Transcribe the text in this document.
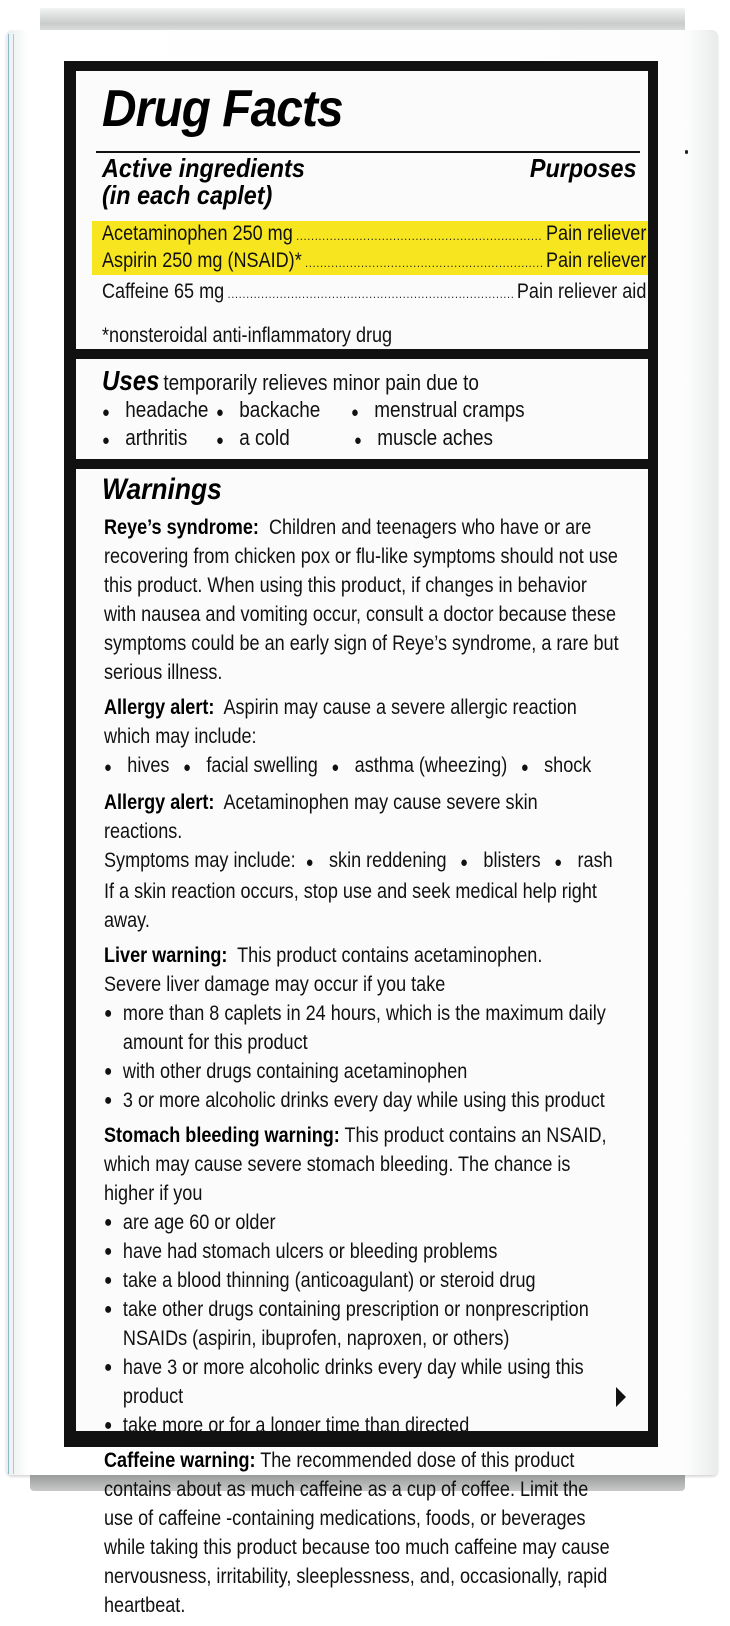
Drug Facts
Active ingredients
(in each caplet)
Purposes
Acetaminophen 250 mg .....	Pain reliever
Aspirin 250 mg (NSAID)* .....	Pain reliever
Caffeine 65 mg .....	Pain reliever aid
*nonsteroidal anti-inflammatory drug
Uses temporarily relieves minor pain due to
● headache ●	backache ●	menstrual cramps
● arthritis ●	a cold ●	muscle aches
Warnings

Reye’s syndrome: Children and teenagers who have or are recovering from chicken pox or flu-like symptoms should not use this product. When using this product, if changes in behavior with nausea and vomiting occur, consult a doctor because these symptoms could be an early sign of Reye’s syndrome, a rare but serious illness.

Allergy alert: Aspirin may cause a severe allergic reaction which may include:

● hives ● facial swelling ● asthma (wheezing) ● shock

Allergy alert: Acetaminophen may cause severe skin reactions.
Symptoms may include: ● skin reddening ● blisters ● rash
If a skin reaction occurs, stop use and seek medical help right away.

Liver warning: This product contains acetaminophen.
Severe liver damage may occur if you take

● more than 8 caplets in 24 hours, which is the maximum daily amount for this product
● with other drugs containing acetaminophen
● 3 or more alcoholic drinks every day while using this product

Stomach bleeding warning: This product contains an NSAID, which may cause severe stomach bleeding. The chance is higher if you

● are age 60 or older
● have had stomach ulcers or bleeding problems
● take a blood thinning (anticoagulant) or steroid drug
● take other drugs containing prescription or nonprescription NSAIDs (aspirin, ibuprofen, naproxen, or others)
● have 3 or more alcoholic drinks every day while using this product
● take more or for a longer time than directed

Caffeine warning: The recommended dose of this product contains about as much caffeine as a cup of coffee. Limit the use of caffeine -containing medications, foods, or beverages while taking this product because too much caffeine may cause nervousness, irritability, sleeplessness, and, occasionally, rapid heartbeat.
